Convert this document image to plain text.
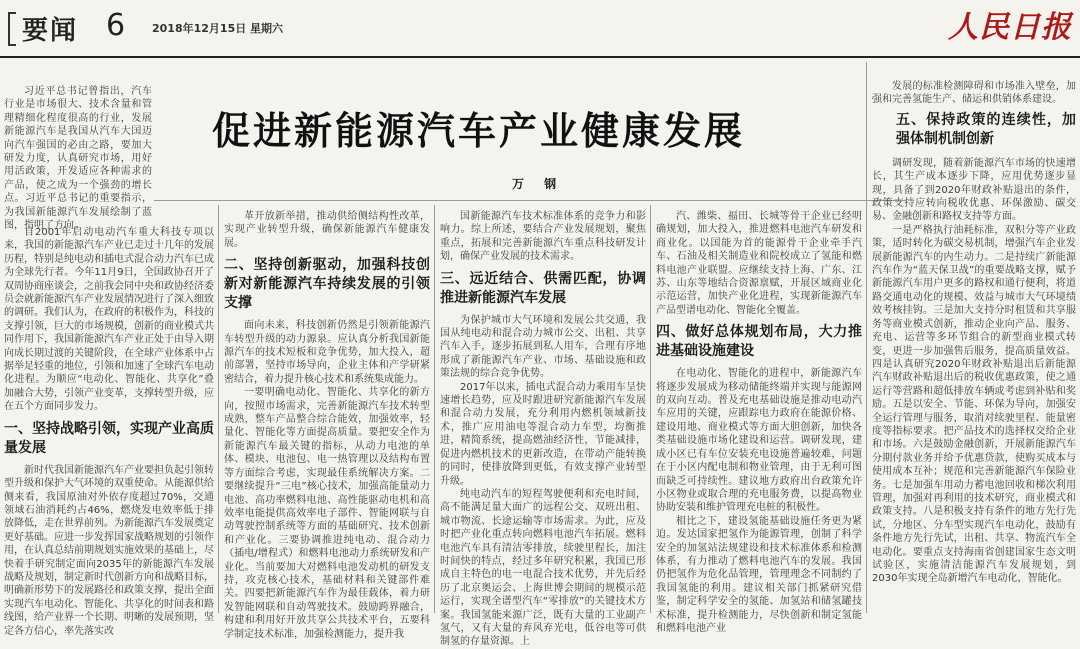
要闻 6 2018年12月15日 星期六	人民日报
促进新能源汽车产业健康发展
万 钢

习近平总书记曾指出，汽车行业是市场很大、技术含量和管理精细化程度很高的行业，发展新能源汽车是我国从汽车大国迈向汽车强国的必由之路，要加大研发力度，认真研究市场，用好用活政策，开发适应各种需求的产品，使之成为一个强劲的增长点。习近平总书记的重要指示，为我国新能源汽车发展绘制了蓝图，指明了方向。

自2001年启动电动汽车重大科技专项以来，我国的新能源汽车产业已走过十几年的发展历程，特别是纯电动和插电式混合动力汽车已成为全球先行者。今年11月9日，全国政协召开了双周协商座谈会，之前我会同中央和政协经济委员会就新能源汽车产业发展情况进行了深入细致的调研。我们认为，在政府的积极作为，科技的支撑引领，巨大的市场规模，创新的商业模式共同作用下，我国新能源汽车产业正处于由导入期向成长期过渡的关键阶段，在全球产业体系中占据举足轻重的地位，引领和加速了全球汽车电动化进程。为顺应“电动化、智能化、共享化”叠加融合大势，引领产业变革，支撑转型升级，应在五个方面同步发力。

一、坚持战略引领，实现产业高质量发展

新时代我国新能源汽车产业要担负起引领转型升级和保护大气环境的双重使命。从能源供给侧来看，我国原油对外依存度超过70%，交通领域石油消耗约占46%，燃烧发电效率低于排放降低，走在世界前列。为新能源汽车发展奠定更好基础。应进一步发挥国家战略规划的引领作用，在认真总结前期规划实施效果的基础上，尽快着手研究制定面向2035年的新能源汽车发展战略及规划，制定新时代创新方向和战略目标，明确新形势下的发展路径和政策支撑，提出全面实现汽车电动化、智能化、共享化的时间表和路线图，给产业界一个长期、明晰的发展预期，坚定各方信心，率先落实改

革开放新举措，推动供给侧结构性改革，实现产业转型升级，确保新能源汽车健康发展。

二、坚持创新驱动，加强科技创新对新能源汽车持续发展的引领支撑

面向未来，科技创新仍然是引领新能源汽车转型升级的动力源泉。应认真分析我国新能源汽车的技术短板和竞争优势，加大投入，超前部署，坚持市场导向，企业主体和产学研紧密结合，着力提升核心技术和系统集成能力。

一要明确电动化、智能化、共享化的新方向，按照市场需求，完善新能源汽车技术转型成熟，整车产品整合综合能效，加强效率，轻量化、智能化等方面提高质量。要把安全作为新能源汽车最关键的指标，从动力电池的单体、模块、电池包、电一热管理以及结构布置等方面综合考虑，实现最佳系统解决方案。二要继续提升“三电”核心技术，加强高能量动力电池、高功率燃料电池、高性能驱动电机和高效率电能提供高效率电子部件、智能网联与自动驾驶控制系统等方面的基础研究、技术创新和产业化。三要协调推进纯电动、混合动力（插电/增程式）和燃料电池动力系统研发和产业化。当前要加大对燃料电池发动机的研发支持，攻克核心技术，基础材料和关键部件难关。四要把新能源汽车作为最佳载体，着力研发智能网联和自动驾驶技术。鼓励跨界融合，构建和利用好开放共享公共技术平台，五要科学制定技术标准，加强检测能力，提升我

国新能源汽车技术标准体系的竞争力和影响力。综上所述，要结合产业发展规划，聚焦重点，拓展和完善新能源汽车重点科技研发计划，确保产业发展的技术需求。

三、远近结合、供需匹配，协调推进新能源汽车发展

为保护城市大气环境和发展公共交通，我国从纯电动和混合动力城市公交、出租、共享汽车入手，逐步拓展到私人用车，合理有序地形成了新能源汽车产业、市场、基础设施和政策法规的综合竞争优势。

2017年以来，插电式混合动力乘用车呈快速增长趋势，应及时跟进研究新能源汽车发展和混合动力发展，充分利用内燃机领域新技术，推广应用油电等混合动力车型，均衡推进，精简系统，提高燃油经济性，节能减排，促进内燃机技术的更新改造，在带动产能转换的同时，使排放降到更低，有效支撑产业转型升级。

纯电动汽车的短程驾驶便利和充电时间，高不能满足量大面广的远程公交、双班出租、城市物流、长途运输等市场需求。为此，应及时把产业化重点转向燃料电池汽车拓展。燃料电池汽车具有清洁零排放，续驶里程长，加注时间快的特点，经过多年研究积累，我国已形成自主特色的电一电混合技术优势，并先后经历了北京奥运会、上海世博会期间的规模示范运行，实现全谱型汽车“零排放”的关键技术方案。我国氢能来源广泛，既有大量的工业副产氢气，又有大量的弃风弃光电，低谷电等可供制氢的存量资源。上

汽、潍柴、福田、长城等骨干企业已经明确规划，加大投入，推进燃料电池汽车研发和商业化。以国能为首的能源骨干企业牵手汽车、石油及相关制造业和院校成立了氢能和燃料电池产业联盟。应继续支持上海、广东、江苏、山东等地结合资源禀赋，开展区域商业化示范运营，加快产业化进程，实现新能源汽车产品型谱电动化、智能化全覆盖。

四、做好总体规划布局，大力推进基础设施建设

在电动化、智能化的进程中，新能源汽车将逐步发展成为移动储能终端并实现与能源网的双向互动。普及充电基础设施是推动电动汽车应用的关键，应跟踪电力政府在能源价格、建设用地、商业模式等方面大胆创新，加快各类基础设施市场化建设和运营。调研发现，建成小区已有车位安装充电设施普遍较难，问题在于小区内配电制和物业管理，由于无利可图而缺乏可持续性。建议地方政府出台政策允许小区物业或取合理的充电服务费，以提高物业协助安装和维护管理充电桩的积极性。

相比之下，建设氢能基础设施任务更为紧迫。发达国家把氢作为能源管理，创制了科学安全的加氢站法规建设和技术标准体系和检测体系，有力推动了燃料电池汽车的发展。我国仍把氢作为危化品管理，管理理念不同制约了我国氢能的利用。建议相关部门抓紧研究借鉴，制定科学安全的氢能、加氢站和储氢罐技术标准，提升检测能力，尽快创新和制定氢能和燃料电池产业

发展的标准检测障碍和市场准入壁垒，加强和完善氢能生产、储运和供销体系建设。

五、保持政策的连续性，加强体制机制创新

调研发现，随着新能源汽车市场的快速增长，其生产成本逐步下降，应用优势逐步显现，具备了到2020年财政补贴退出的条件，政策支持应转向税收优惠、环保激励、碳交易、金融创新和路权支持等方面。

一是严格执行油耗标准，双积分等产业政策，适时转化为碳交易机制，增强汽车企业发展新能源汽车的内生动力。二是持续广新能源汽车作为“蓝天保卫战”的重要战略支撑，赋予新能源汽车用户更多的路权和通行便利，将道路交通电动化的规模、效益与城市大气环境绩效考核挂钩。三是加大支持分时租赁和共享服务等商业模式创新，推动企业向产品、服务、充电、运营等多环节组合的新型商业模式转变，更进一步加强售后服务，提高质量效益。四是认真研究2020年财政补贴退出后新能源汽车财政补贴退出后的税收优惠政策，使之通运行等营路和超低排放车辆或考虑到补贴和奖励。五是以安全、节能、环保为导向，加强安全运行管理与服务，取消对续驶里程、能量密度等指标要求。把产品技术的选择权交给企业和市场。六是鼓励金融创新，开展新能源汽车分期付款业务并给予优惠贷款，使购买成本与使用成本互补；规范和完善新能源汽车保险业务。七是加强车用动力蓄电池回收和梯次利用管理，加强对再利用的技术研究，商业模式和政策支持。八是积极支持有条件的地方先行先试，分地区、分车型实现汽车电动化，鼓励有条件地方先行先试，出租、共享、物流汽车全电动化。要重点支持海南省创建国家生态文明试验区，实施清洁能源汽车发展规划，到2030年实现全岛新增汽车电动化，智能化。
